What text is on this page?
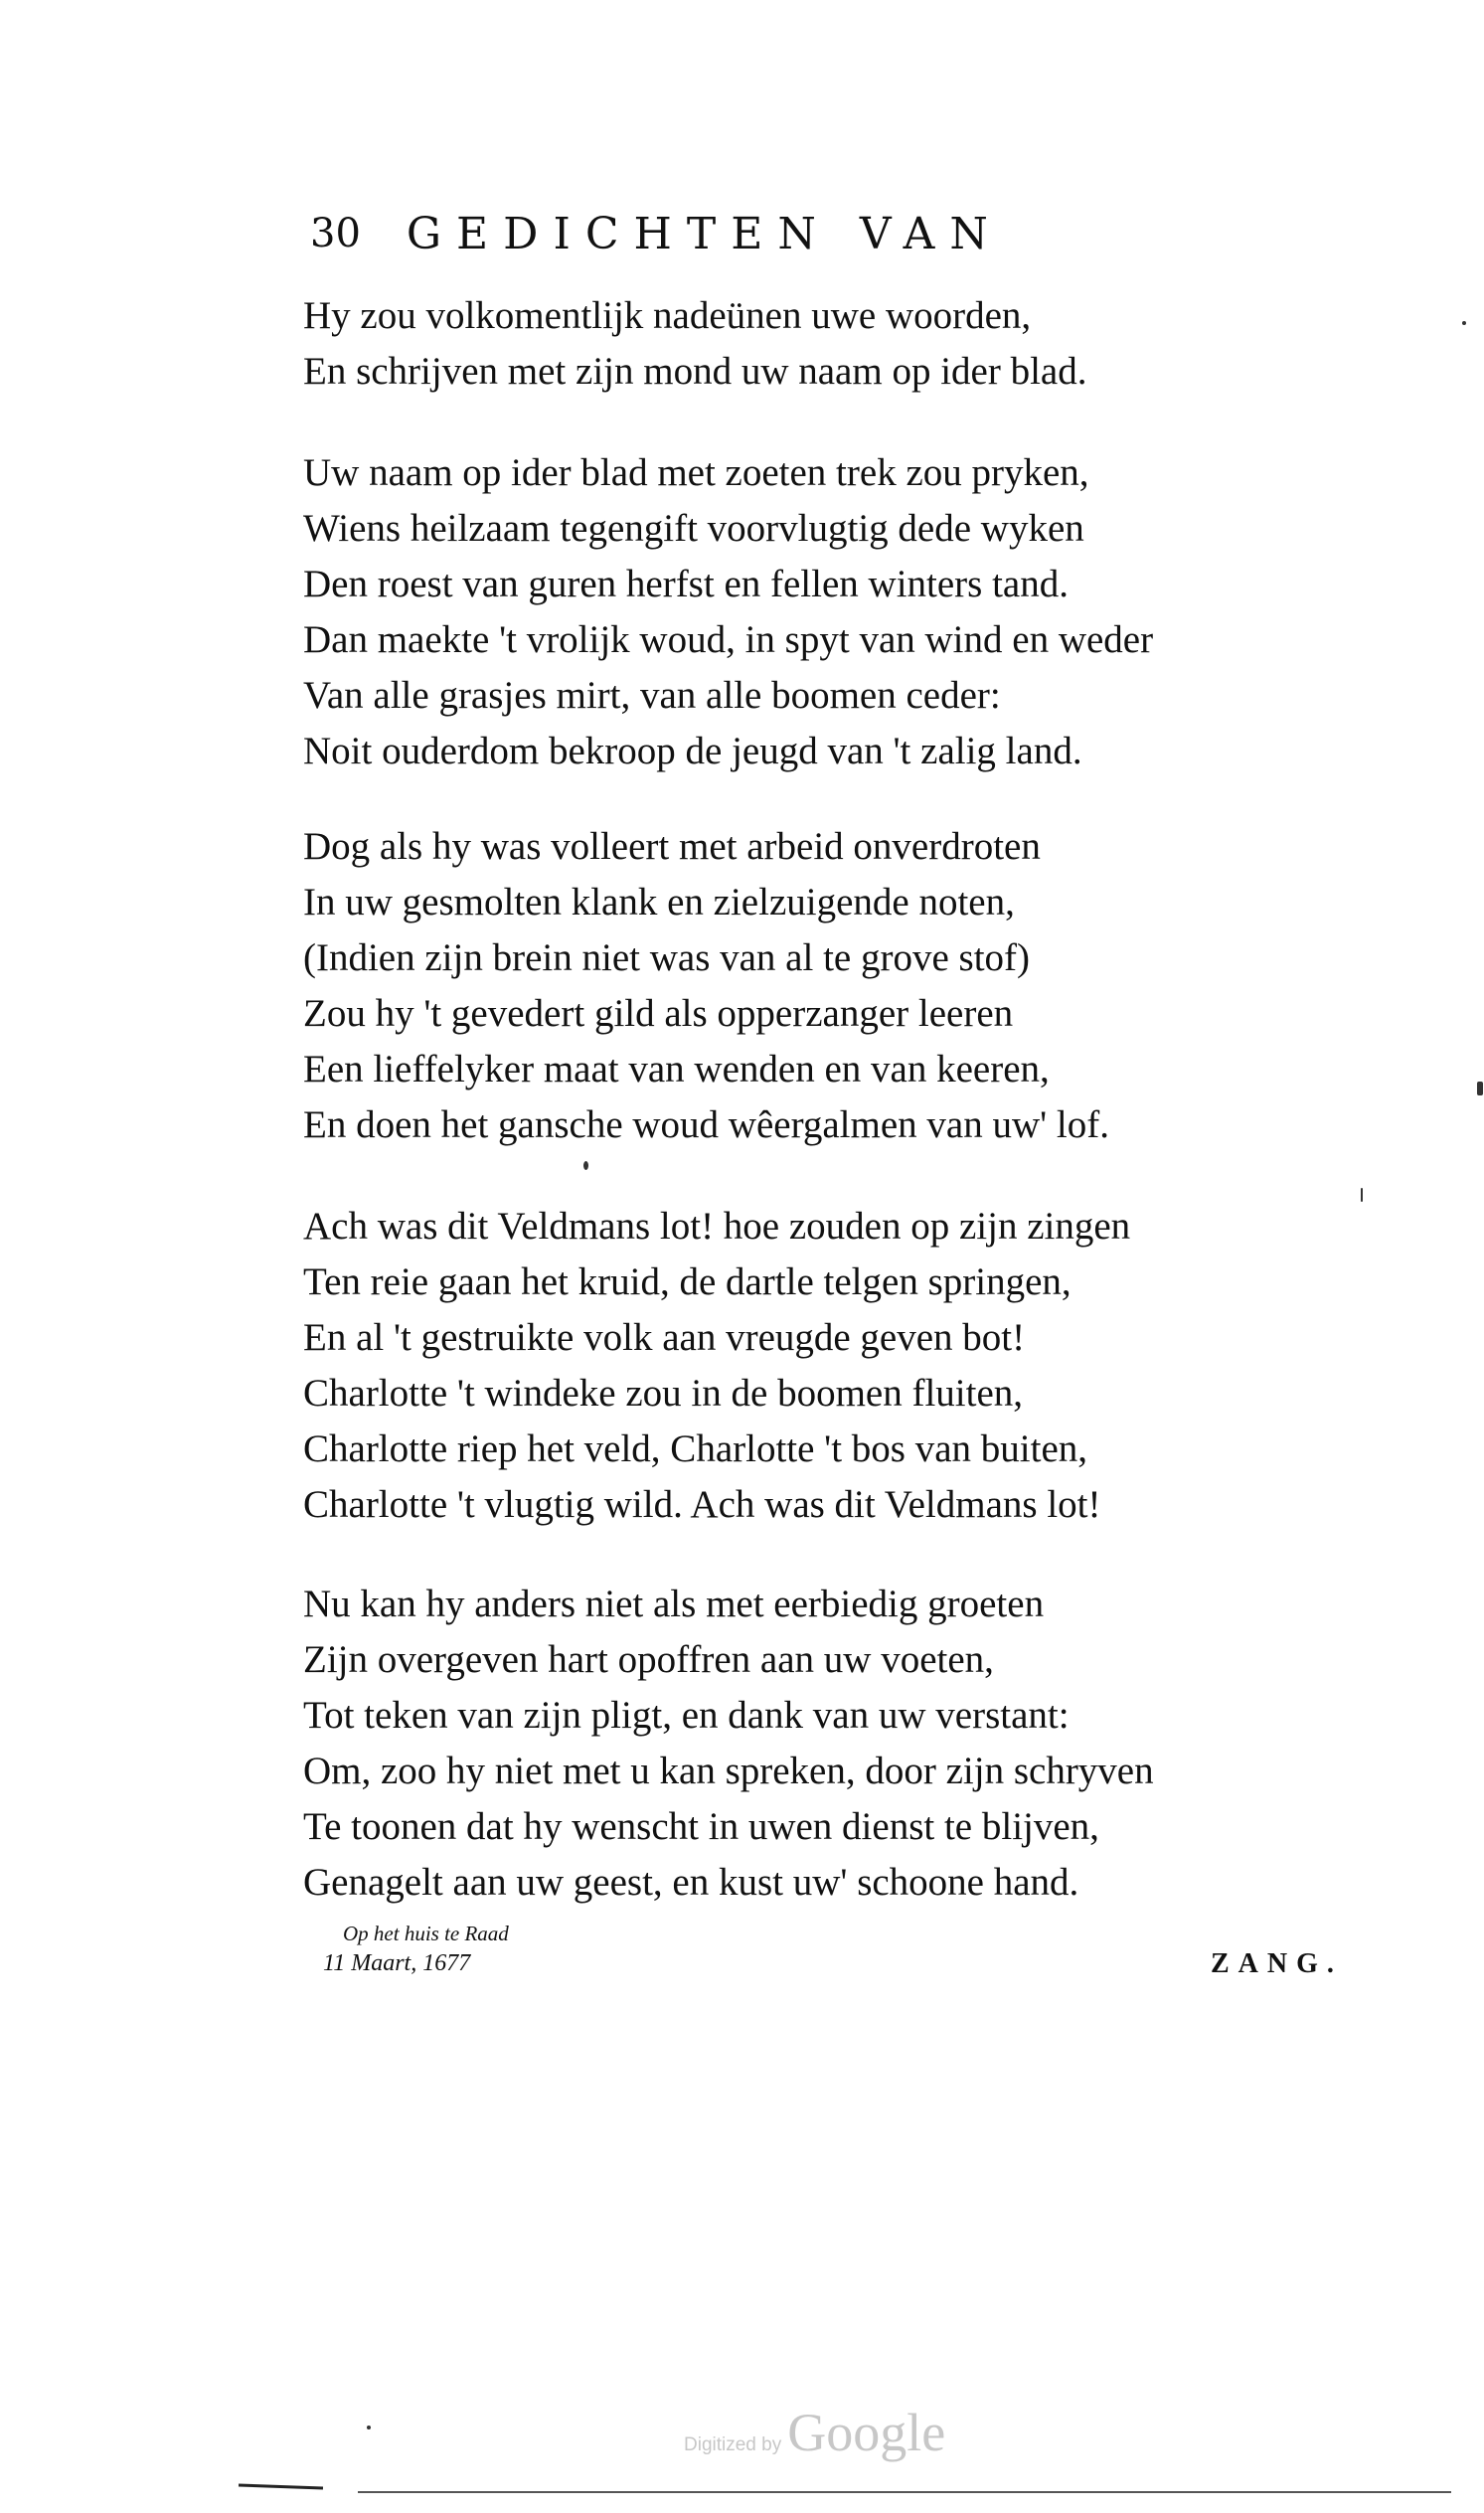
30 GEDICHTEN VAN
Hy zou volkomentlijk nadeünen uwe woorden,
En schrijven met zijn mond uw naam op ider blad.
Uw naam op ider blad met zoeten trek zou pryken,
Wiens heilzaam tegengift voorvlugtig dede wyken
Den roest van guren herfst en fellen winters tand.
Dan maekte 't vrolijk woud, in spyt van wind en weder
Van alle grasjes mirt, van alle boomen ceder:
Noit ouderdom bekroop de jeugd van 't zalig land.
Dog als hy was volleert met arbeid onverdroten
In uw gesmolten klank en zielzuigende noten,
(Indien zijn brein niet was van al te grove stof)
Zou hy 't gevedert gild als opperzanger leeren
Een lieffelyker maat van wenden en van keeren,
En doen het gansche woud wêergalmen van uw' lof.
Ach was dit Veldmans lot! hoe zouden op zijn zingen
Ten reie gaan het kruid, de dartle telgen springen,
En al 't gestruikte volk aan vreugde geven bot!
Charlotte 't windeke zou in de boomen fluiten,
Charlotte riep het veld, Charlotte 't bos van buiten,
Charlotte 't vlugtig wild. Ach was dit Veldmans lot!
Nu kan hy anders niet als met eerbiedig groeten
Zijn overgeven hart opoffren aan uw voeten,
Tot teken van zijn pligt, en dank van uw verstant:
Om, zoo hy niet met u kan spreken, door zijn schryven
Te toonen dat hy wenscht in uwen dienst te blijven,
Genagelt aan uw geest, en kust uw' schoone hand.
Op het huis te Raad
11 Maart, 1677	ZANG.
Digitized by Google
